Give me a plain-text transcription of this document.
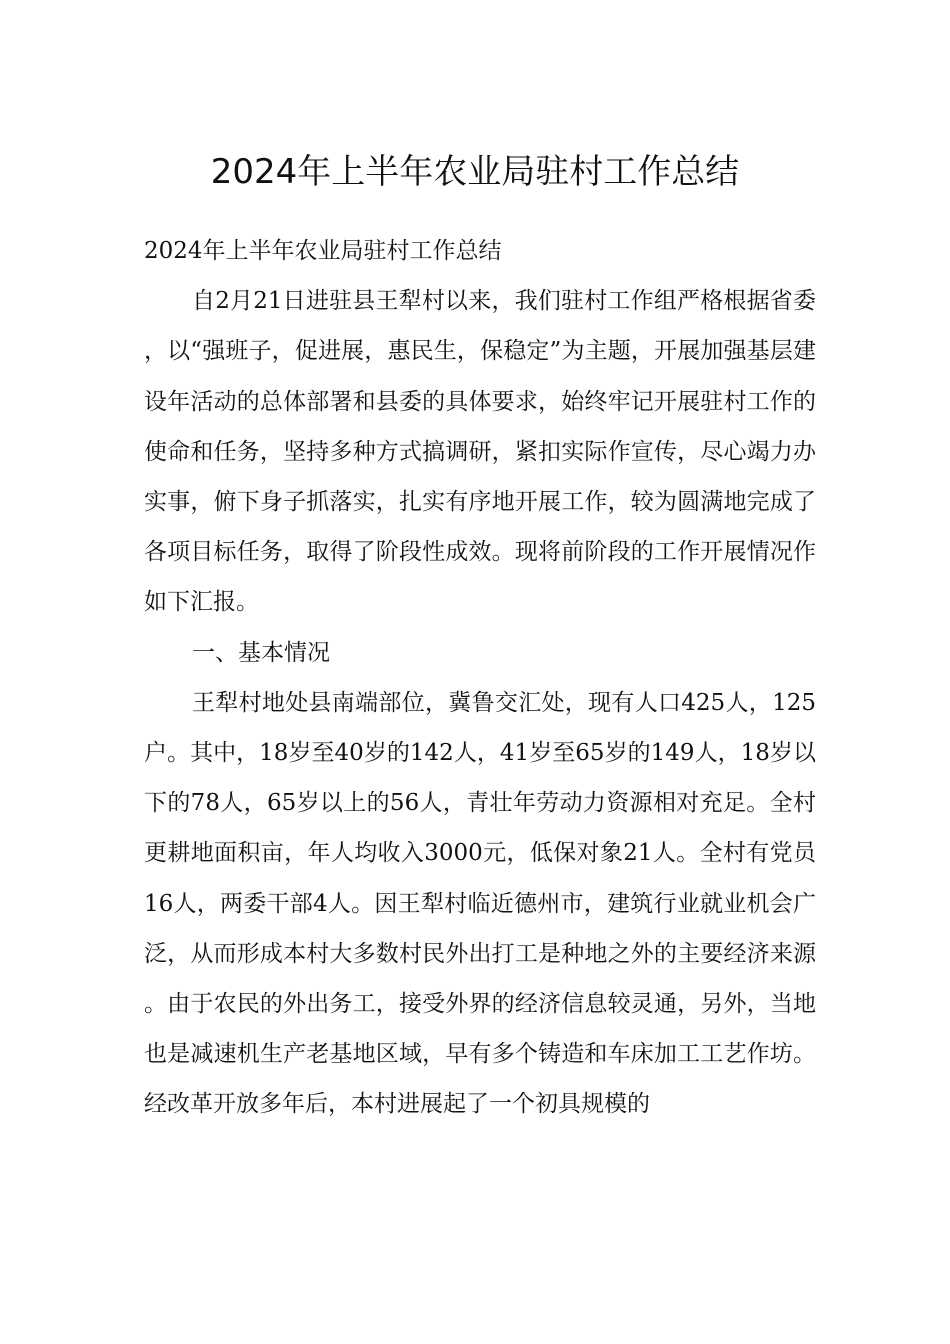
2024年上半年农业局驻村工作总结

2024年上半年农业局驻村工作总结

自2月21日进驻县王犁村以来，我们驻村工作组严格根据省委，以“强班子，促进展，惠民生，保稳定”为主题，开展加强基层建设年活动的总体部署和县委的具体要求，始终牢记开展驻村工作的使命和任务，坚持多种方式搞调研，紧扣实际作宣传，尽心竭力办实事，俯下身子抓落实，扎实有序地开展工作，较为圆满地完成了各项目标任务，取得了阶段性成效。现将前阶段的工作开展情况作如下汇报。

一、基本情况

王犁村地处县南端部位，冀鲁交汇处，现有人口425人，125户。其中，18岁至40岁的142人，41岁至65岁的149人，18岁以下的78人，65岁以上的56人，青壮年劳动力资源相对充足。全村更耕地面积亩，年人均收入3000元，低保对象21人。全村有党员16人，两委干部4人。因王犁村临近德州市，建筑行业就业机会广泛，从而形成本村大多数村民外出打工是种地之外的主要经济来源。由于农民的外出务工，接受外界的经济信息较灵通，另外，当地也是减速机生产老基地区域，早有多个铸造和车床加工工艺作坊。经改革开放多年后，本村进展起了一个初具规模的
